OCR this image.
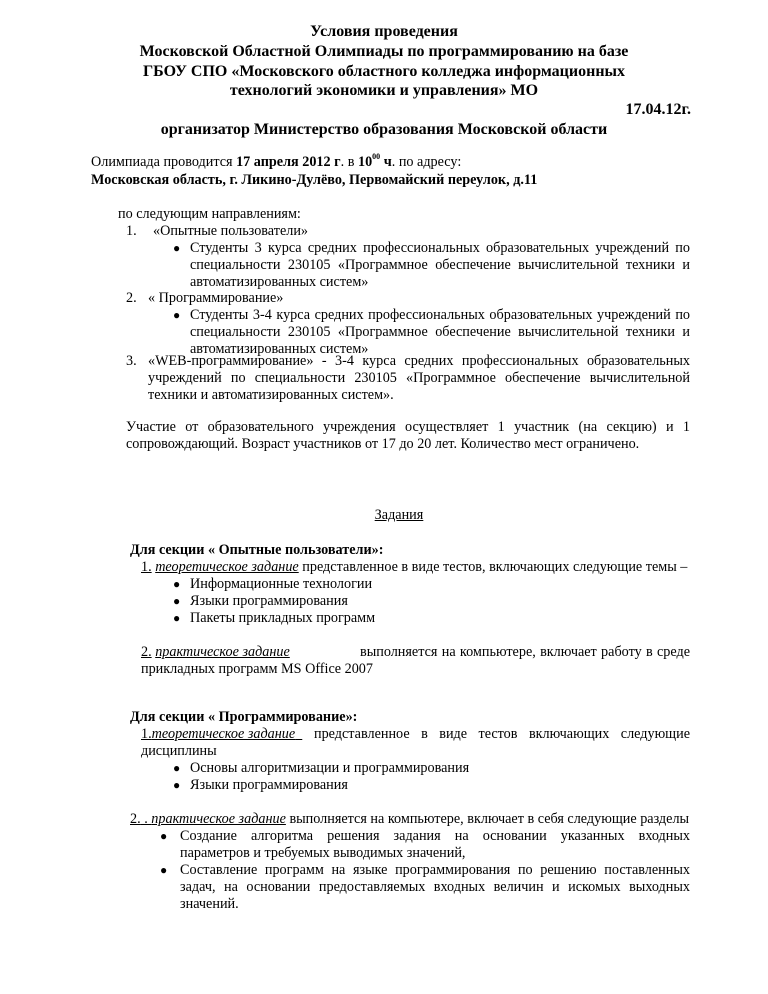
Условия проведения
Московской Областной Олимпиады по программированию на базе
ГБОУ СПО «Московского областного колледжа информационных
технологий экономики и управления» МО
17.04.12г.
организатор Министерство образования Московской области
Олимпиада проводится 17 апреля 2012 г. в $10^{00}$ ч. по адресу:
Московская область, г. Ликино-Дулёво, Первомайский переулок, д.11
по следующим направлениям:
1. «Опытные пользователи»
● Студенты 3 курса средних профессиональных образовательных учреждений по
специальности 230105 «Программное обеспечение вычислительной техники и
автоматизированных систем»
2. « Программирование»
● Студенты 3-4 курса средних профессиональных образовательных учреждений по
специальности 230105 «Программное обеспечение вычислительной техники и
автоматизированных систем»
3. «WEB-программирование» - 3-4 курса средних профессиональных образовательных
учреждений по специальности 230105 «Программное обеспечение вычислительной
техники и автоматизированных систем».
Участие от образовательного учреждения осуществляет 1 участник (на секцию) и 1
сопровождающий. Возраст участников от 17 до 20 лет. Количество мест ограничено.
Задания
Для секции « Опытные пользователи»:
1. теоретическое задание представленное в виде тестов, включающих следующие темы –
● Информационные технологии
● Языки программирования
● Пакеты прикладных программ
2. практическое задание	выполняется на компьютере, включает работу в среде
прикладных программ MS Office 2007
Для секции « Программирование»:
1.теоретическое задание	представленное в виде тестов включающих следующие
дисциплины
● Основы алгоритмизации и программирования
● Языки программирования
2. . практическое задание выполняется на компьютере, включает в себя следующие разделы
● Создание алгоритма решения задания на основании указанных входных
параметров и требуемых выводимых значений,
● Составление программ на языке программирования по решению поставленных
задач, на основании предоставляемых входных величин и искомых выходных
значений.
